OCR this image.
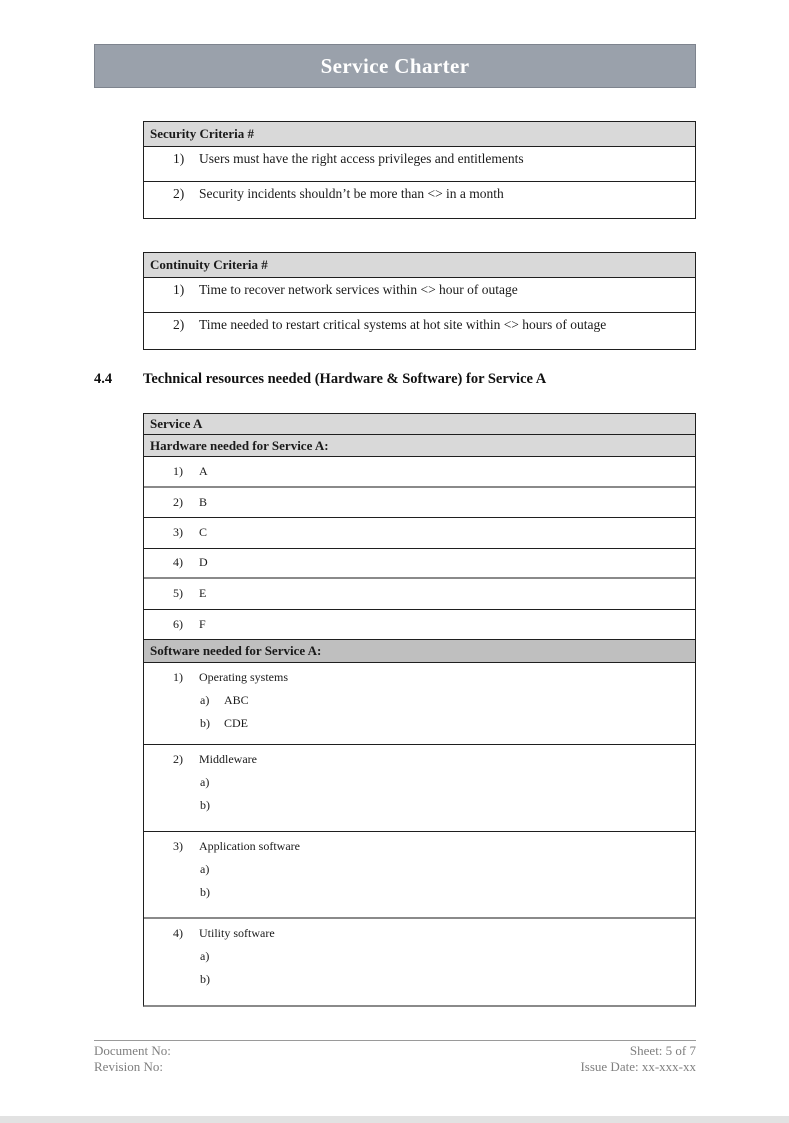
Service Charter
Security Criteria #
1)	Users must have the right access privileges and entitlements
2)	Security incidents shouldn’t be more than <> in a month
Continuity Criteria #
1)	Time to recover network services within <> hour of outage
2)	Time needed to restart critical systems at hot site within <> hours of outage
4.4	Technical resources needed (Hardware & Software) for Service A
Service A
Hardware needed for Service A:
1)	A
2)	B
3)	C
4)	D
5)	E
6)	F
Software needed for Service A:
1)	Operating systems
a)	ABC
b)	CDE
2)	Middleware
a)
b)
3)	Application software
a)
b)
4)	Utility software
a)
b)
Document No:
Revision No:
Sheet: 5 of 7
Issue Date: xx-xxx-xx
